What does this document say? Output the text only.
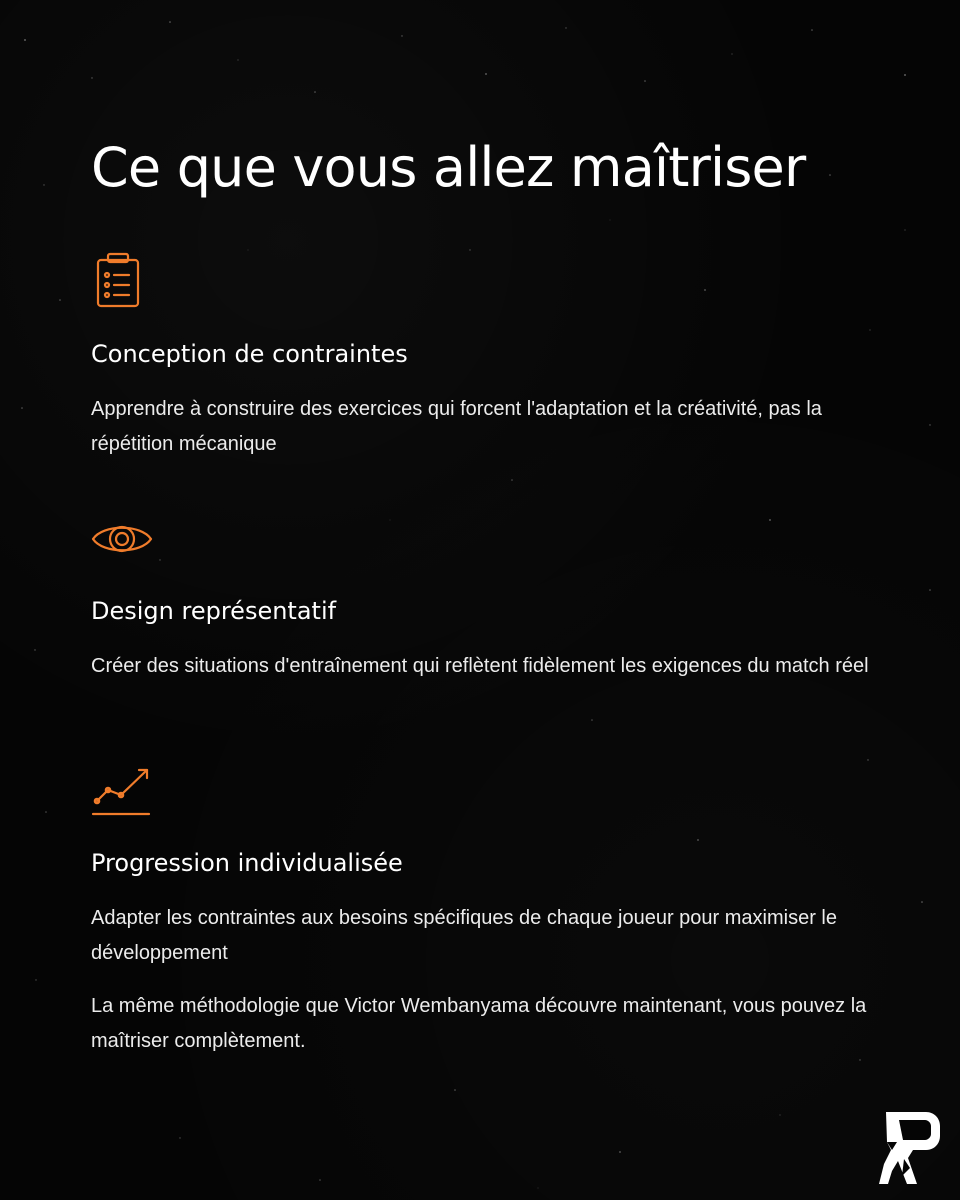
Ce que vous allez maîtriser
Conception de contraintes

Apprendre à construire des exercices qui forcent l'adaptation et la créativité, pas la répétition mécanique

Design représentatif

Créer des situations d'entraînement qui reflètent fidèlement les exigences du match réel

Progression individualisée

Adapter les contraintes aux besoins spécifiques de chaque joueur pour maximiser le développement

La même méthodologie que Victor Wembanyama découvre maintenant, vous pouvez la maîtriser complètement.
